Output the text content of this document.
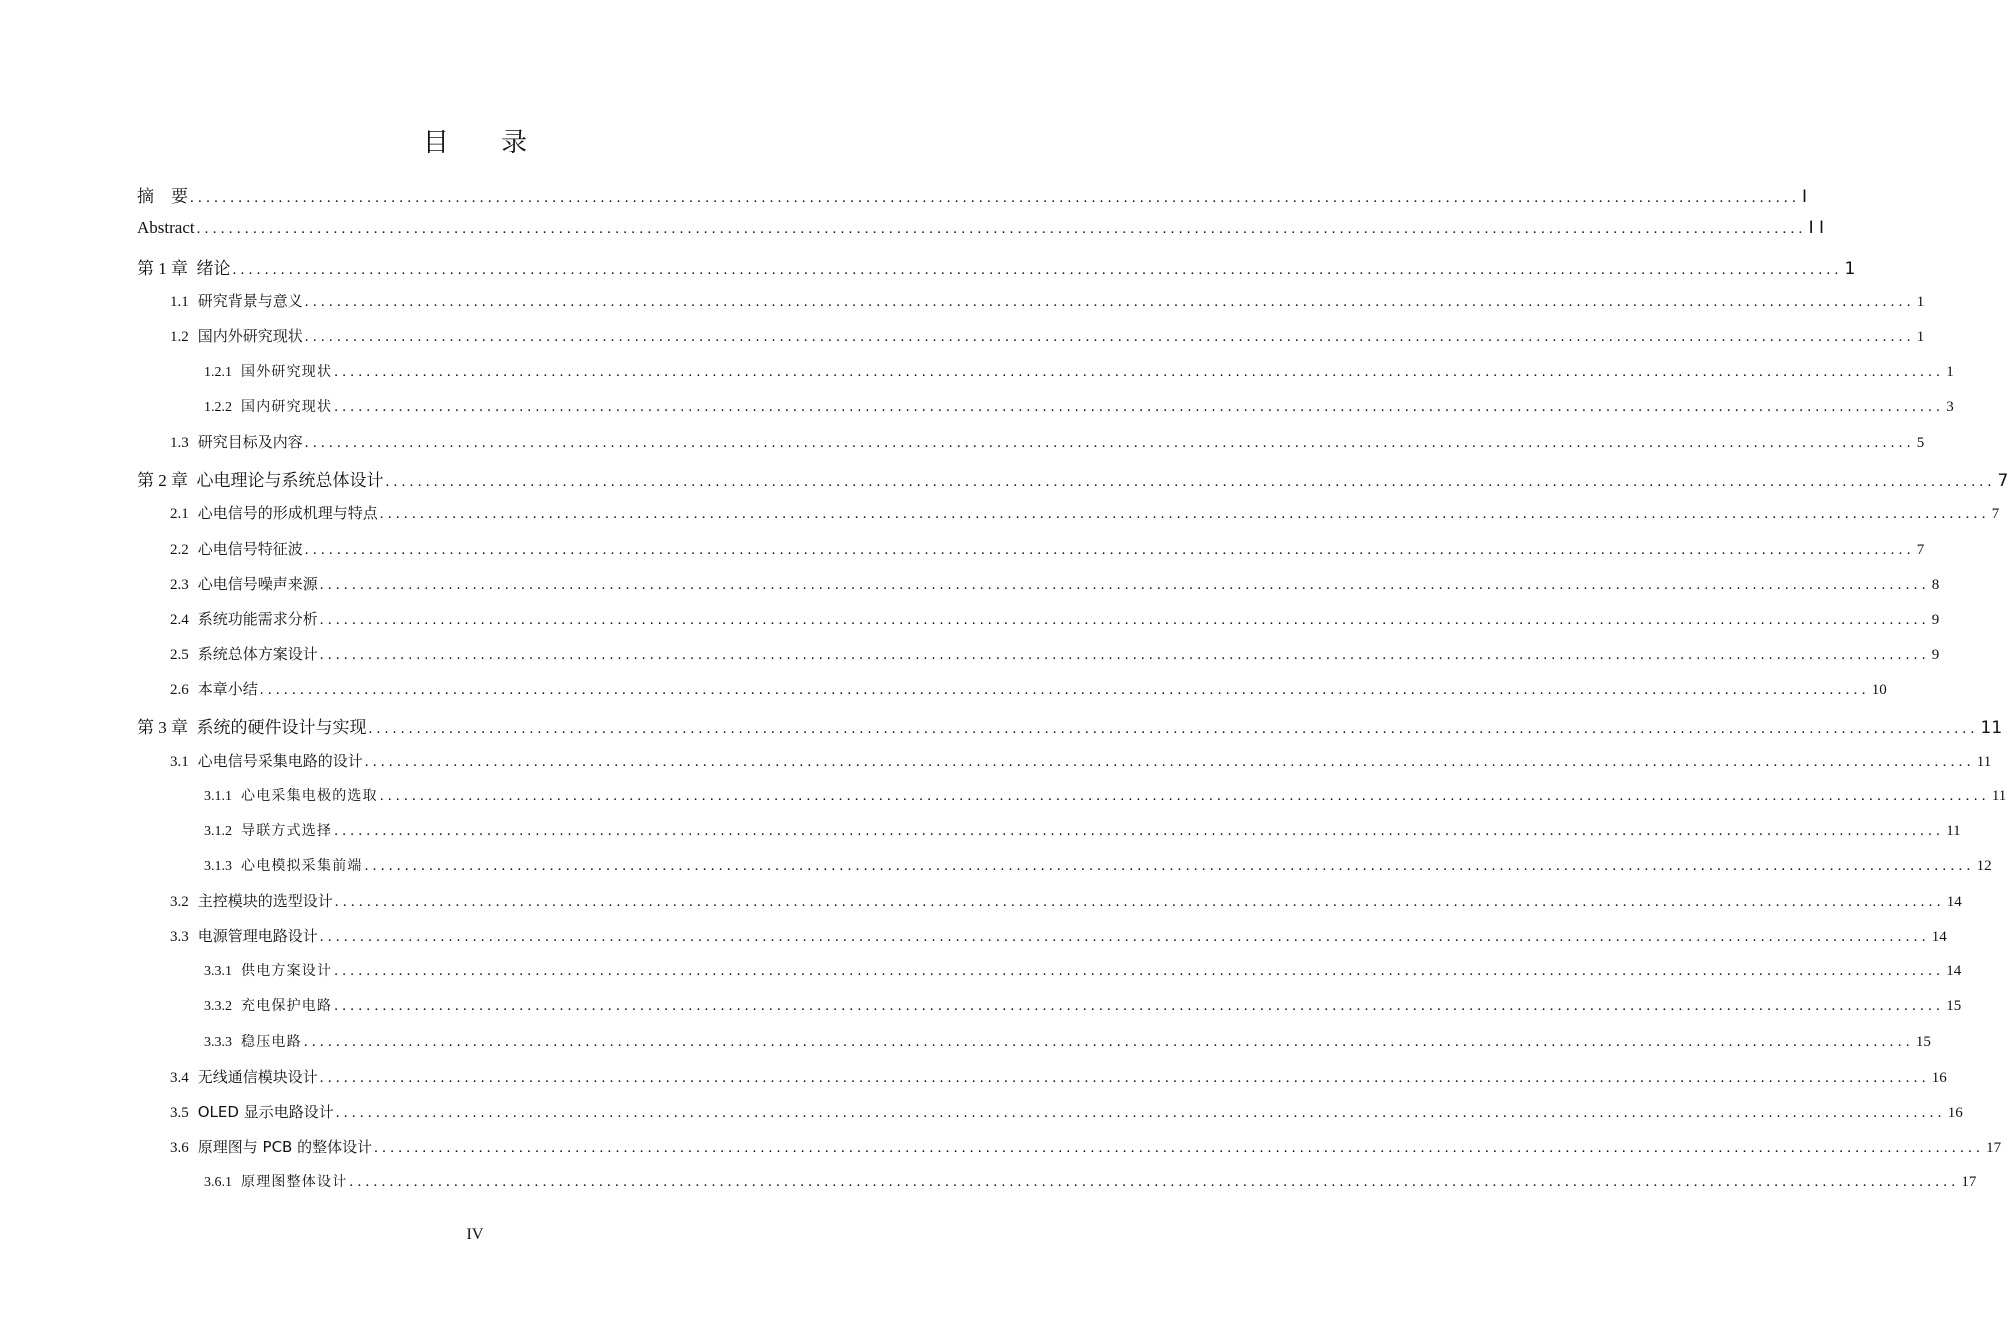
目 录
摘　要 ........................................................................................................................................................................................................ I
Abstract ........................................................................................................................................................................................................ I I
第 1 章  绪论 ........................................................................................................................................................................................................ 1
1.1 研究背景与意义 ........................................................................................................................................................................................................ 1
1.2 国内外研究现状 ........................................................................................................................................................................................................ 1
1.2.1 国外研究现状 ........................................................................................................................................................................................................ 1
1.2.2 国内研究现状 ........................................................................................................................................................................................................ 3
1.3 研究目标及内容 ........................................................................................................................................................................................................ 5
第 2 章  心电理论与系统总体设计 ........................................................................................................................................................................................................ 7
2.1 心电信号的形成机理与特点 ........................................................................................................................................................................................................ 7
2.2 心电信号特征波 ........................................................................................................................................................................................................ 7
2.3 心电信号噪声来源 ........................................................................................................................................................................................................ 8
2.4 系统功能需求分析 ........................................................................................................................................................................................................ 9
2.5 系统总体方案设计 ........................................................................................................................................................................................................ 9
2.6 本章小结 ........................................................................................................................................................................................................ 10
第 3 章  系统的硬件设计与实现 ........................................................................................................................................................................................................ 11
3.1 心电信号采集电路的设计 ........................................................................................................................................................................................................ 11
3.1.1 心电采集电极的选取 ........................................................................................................................................................................................................ 11
3.1.2 导联方式选择 ........................................................................................................................................................................................................ 11
3.1.3 心电模拟采集前端 ........................................................................................................................................................................................................ 12
3.2 主控模块的选型设计 ........................................................................................................................................................................................................ 14
3.3 电源管理电路设计 ........................................................................................................................................................................................................ 14
3.3.1 供电方案设计 ........................................................................................................................................................................................................ 14
3.3.2 充电保护电路 ........................................................................................................................................................................................................ 15
3.3.3 稳压电路 ........................................................................................................................................................................................................ 15
3.4 无线通信模块设计 ........................................................................................................................................................................................................ 16
3.5 OLED 显示电路设计 ........................................................................................................................................................................................................ 16
3.6 原理图与 PCB 的整体设计 ........................................................................................................................................................................................................ 17
3.6.1 原理图整体设计 ........................................................................................................................................................................................................ 17
IV
